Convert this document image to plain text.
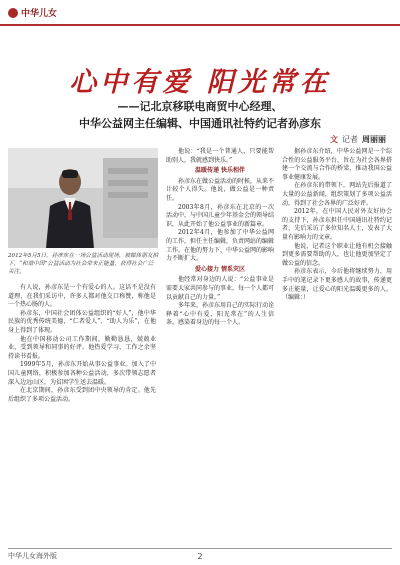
中华儿女
心中有爱 阳光常在
——记北京移联电商贸中心经理、
中华公益网主任编辑、中国通讯社特约记者孙彦东
文 记者 周丽丽
2012年5月5日，孙彦东在一场公益活动现场，被媒体朋友拍下，“和谐中国”公益活动为社会带来正能量，获得社会广泛关注。

有人说，孙彦东是一个有爱心的人。这话不是没有道理，在我们采访中，许多人都对他交口称赞，称他是一个热心肠的人。

孙彦东，中国社会团体公益组织的“好人”，他中华民族的优秀传统美德，“仁者爱人”、“助人为乐”，在他身上得到了体现。

他在中国移动公司工作期间，勤勤恳恳，兢兢业业，受到领导和同事的好评。他热爱学习，工作之余坚持读书看报。

1999年5月，孙彦东开始从事公益事业。加入了中国儿童网络，积极参加各种公益活动，多次带领志愿者深入边远山区，为贫困学生送去温暖。

在北京期间，孙彦东受到团中央领导的肯定。他先后组织了多项公益活动。

他说：“我是一个普通人，只要能帮助别人，我就感到快乐。”

温暖传递 快乐相伴

孙彦东在做公益活动的时候，从来不计较个人得失。他说，做公益是一种责任。

2003年8月，孙彦东在北京的一次活动中，与中国儿童少年基金会的领导结识，从此开始了他公益事业的新篇章。

2012年4月，他参加了中华公益网的工作，担任主任编辑，负责网站的编辑工作。在他的努力下，中华公益网的影响力不断扩大。

爱心接力 情系灾区

他经常对身边的人说：“公益事业是需要大家共同参与的事业，每一个人都可以贡献自己的力量。”

多年来，孙彦东用自己的实际行动诠释着“心中有爱，阳光常在”的人生信条，感染着身边的每一个人。

据孙彦东介绍，中华公益网是一个综合性的公益服务平台，旨在为社会各界搭建一个交流与合作的桥梁，推动我国公益事业健康发展。

在孙彦东的带领下，网站先后报道了大量的公益新闻，组织策划了多项公益活动，得到了社会各界的广泛好评。

2012年，在中国人民对外友好协会的支持下，孙彦东担任中国通讯社特约记者，先后采访了多位知名人士，发表了大量有影响力的文章。

他说，记者这个职业让他有机会接触到更多需要帮助的人，也让他更加坚定了做公益的信念。

孙彦东表示，今后他将继续努力，用手中的笔记录下更多感人的故事，传递更多正能量，让爱心的阳光温暖更多的人。（编辑：）

中华儿女海外版	2
